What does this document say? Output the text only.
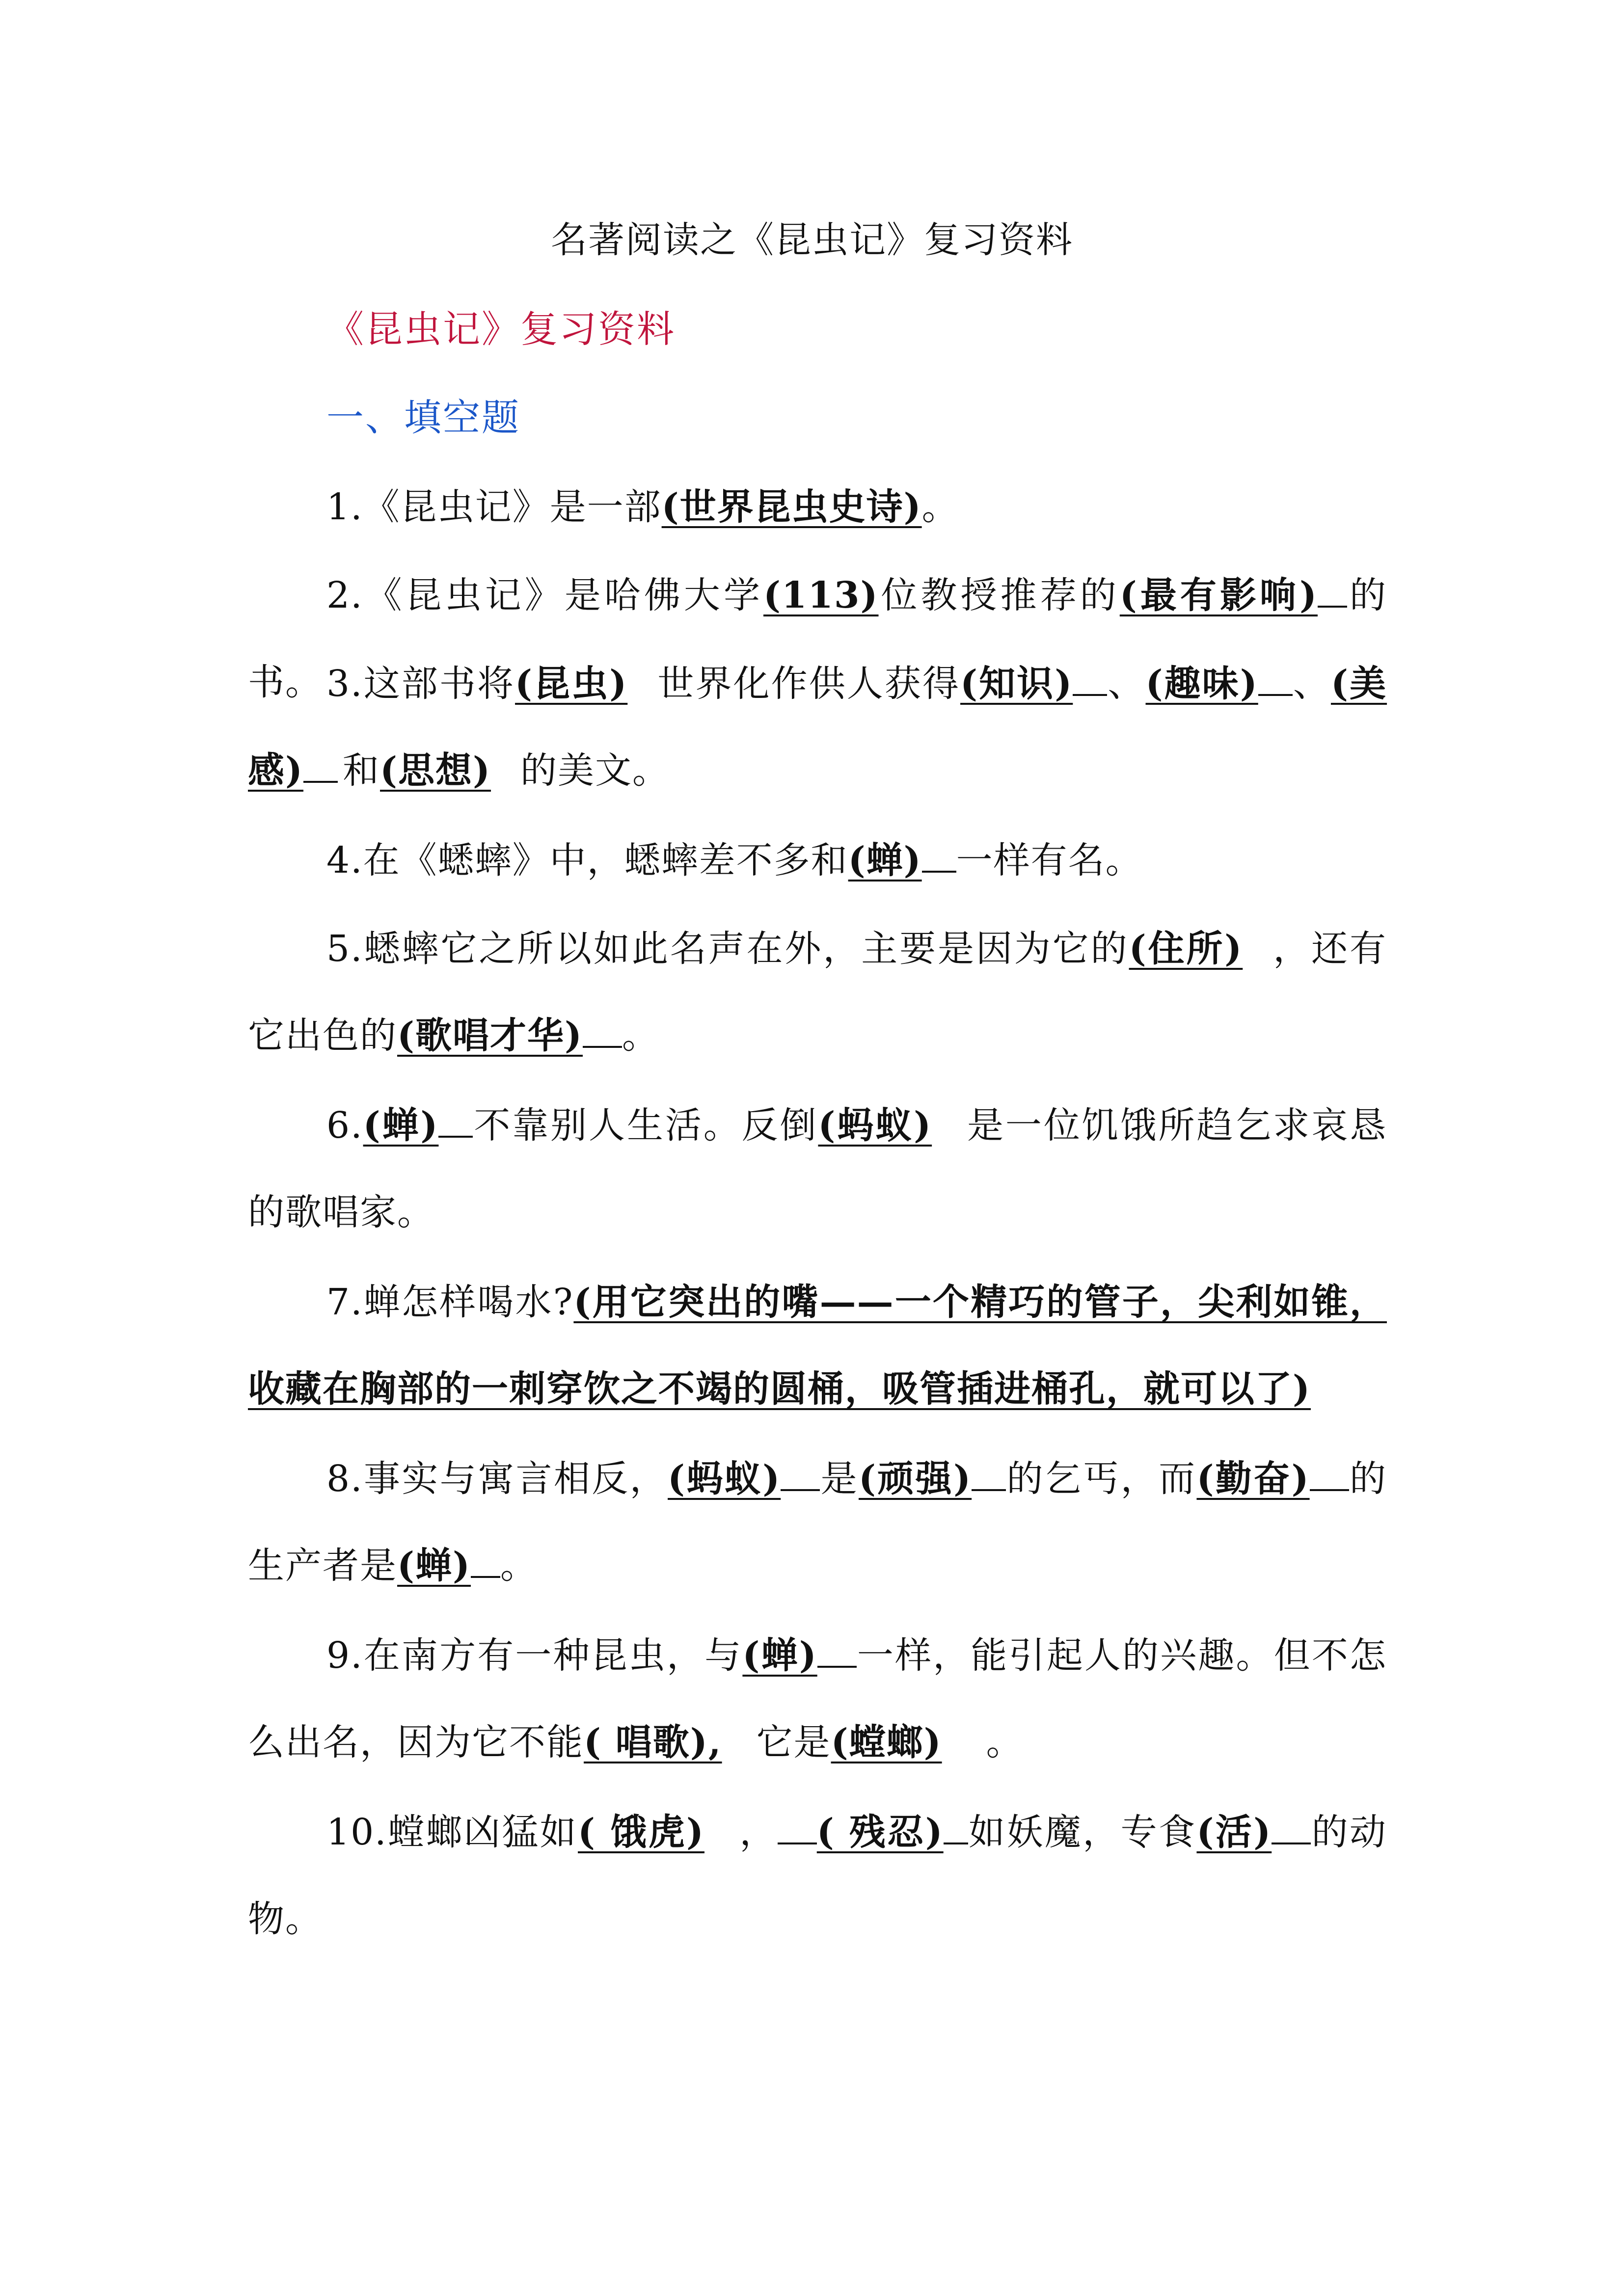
名著阅读之《昆虫记》复习资料
《昆虫记》复习资料
一、填空题
1.《昆虫记》是一部(世界昆虫史诗)。
2.《昆虫记》是哈佛大学(113)位教授推荐的(最有影响) 的书。 3.这部书将(昆虫) 世界化作供人获得(知识) 、(趣味) 、(美感) 和(思想) 的美文。
4.在《蟋蟀》中，蟋蟀差不多和(蝉) 一样有名。
5.蟋蟀它之所以如此名声在外，主要是因为它的(住所) ，还有它出色的(歌唱才华) 。
6.(蝉) 不靠别人生活。反倒(蚂蚁) 是一位饥饿所趋乞求哀恳的歌唱家。
7.蝉怎样喝水?(用它突出的嘴——一个精巧的管子，尖利如锥，收藏在胸部的一刺穿饮之不竭的圆桶，吸管插进桶孔，就可以了)
8.事实与寓言相反，(蚂蚁) 是(顽强) 的乞丐，而(勤奋) 的生产者是(蝉) 。
9.在南方有一种昆虫，与(蝉) 一样，能引起人的兴趣。但不怎么出名，因为它不能( 唱歌), 它是(螳螂) 。
10.螳螂凶猛如( 饿虎) ， ( 残忍) 如妖魔，专食(活) 的动物。
